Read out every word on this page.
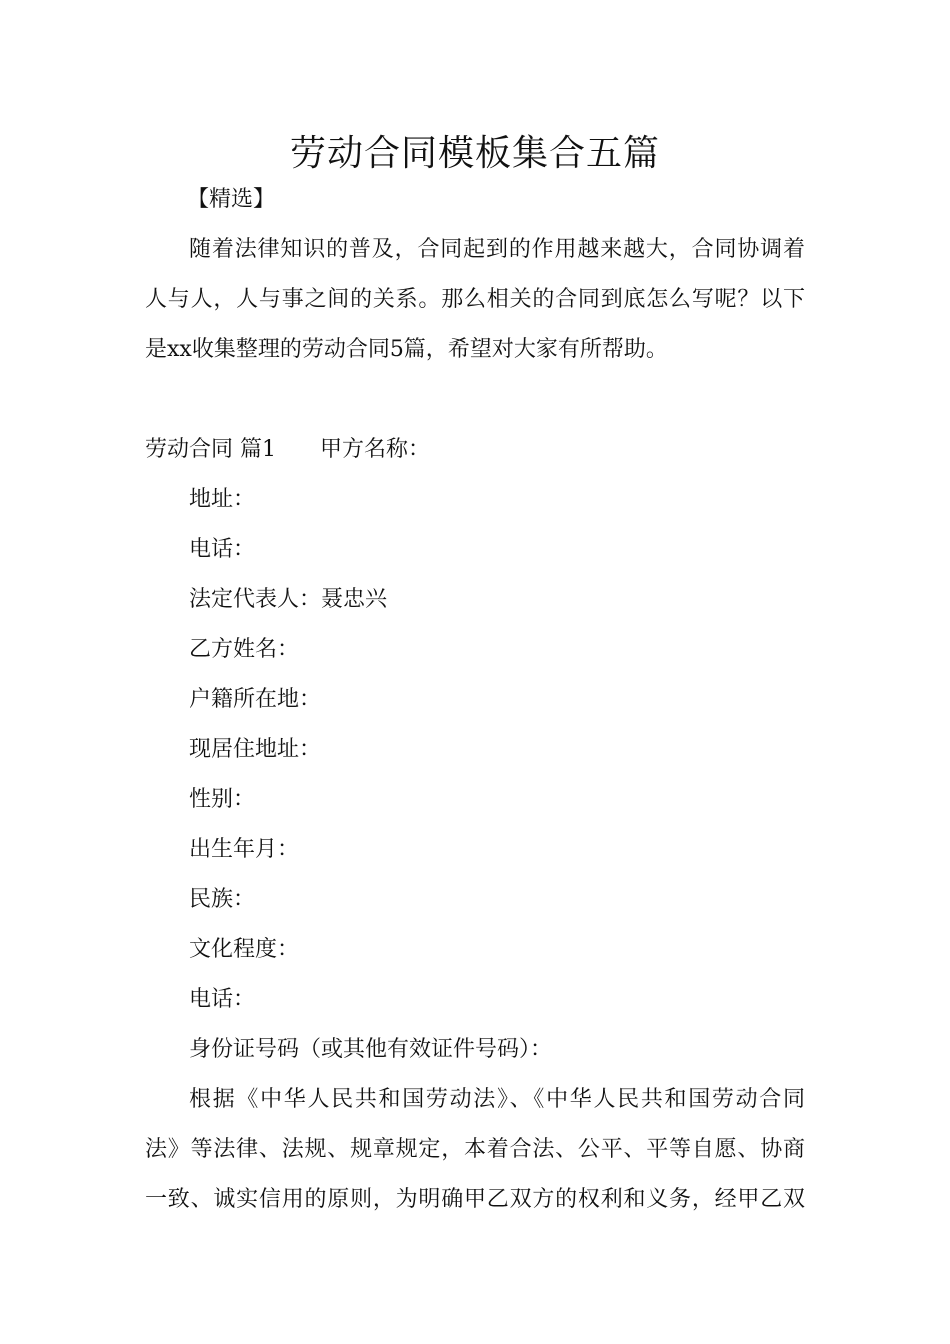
劳动合同模板集合五篇
【精选】
随着法律知识的普及，合同起到的作用越来越大，合同协调着
人与人，人与事之间的关系。那么相关的合同到底怎么写呢？以下
是xx收集整理的劳动合同5篇，希望对大家有所帮助。
劳动合同 篇1 甲方名称：
地址：
电话：
法定代表人：聂忠兴
乙方姓名：
户籍所在地：
现居住地址：
性别：
出生年月：
民族：
文化程度：
电话：
身份证号码（或其他有效证件号码）：
根据《中华人民共和国劳动法》、《中华人民共和国劳动合同
法》等法律、法规、规章规定，本着合法、公平、平等自愿、协商
一致、诚实信用的原则，为明确甲乙双方的权利和义务，经甲乙双
